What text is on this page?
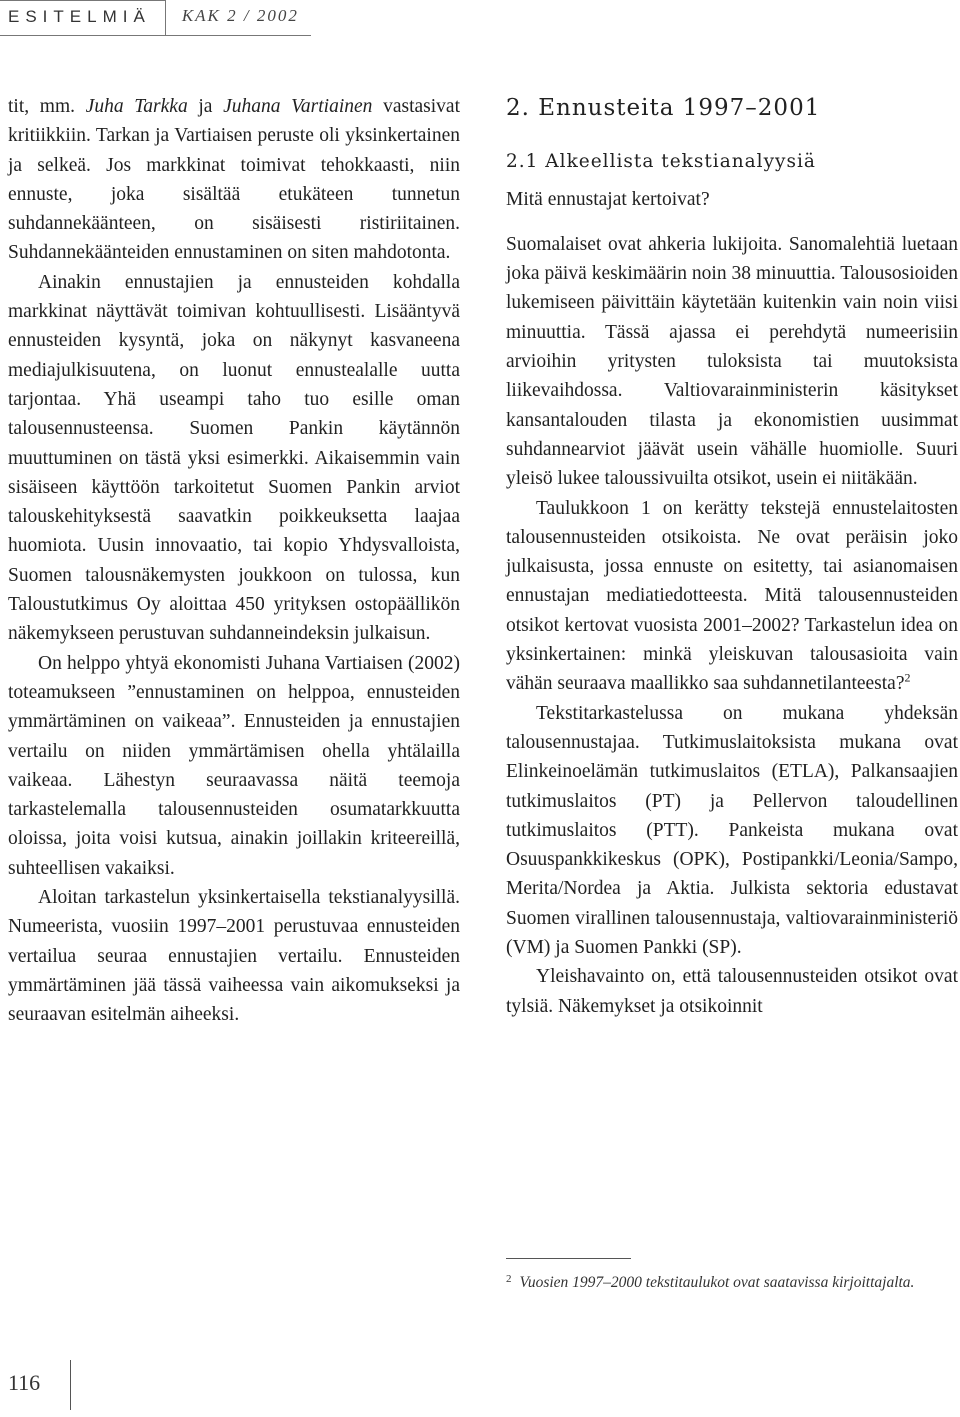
ESITELMIÄ	KAK 2 / 2002

tit, mm. Juha Tarkka ja Juhana Vartiainen vastasivat kritiikkiin. Tarkan ja Vartiaisen peruste oli yksinkertainen ja selkeä. Jos markkinat toimivat tehokkaasti, niin ennuste, joka sisältää etukäteen tunnetun suhdannekäänteen, on sisäisesti ristiriitainen. Suhdannekäänteiden ennustaminen on siten mahdotonta.

Ainakin ennustajien ja ennusteiden kohdalla markkinat näyttävät toimivan kohtuullisesti. Lisääntyvä ennusteiden kysyntä, joka on näkynyt kasvaneena mediajulkisuutena, on luonut ennustealalle uutta tarjontaa. Yhä useampi taho tuo esille oman talousennusteensa. Suomen Pankin käytännön muuttuminen on tästä yksi esimerkki. Aikaisemmin vain sisäiseen käyttöön tarkoitetut Suomen Pankin arviot talouskehityksestä saavatkin poikkeuksetta laajaa huomiota. Uusin innovaatio, tai kopio Yhdysvalloista, Suomen talousnäkemysten joukkoon on tulossa, kun Taloustutkimus Oy aloittaa 450 yrityksen ostopäällikön näkemykseen perustuvan suhdanneindeksin julkaisun.

On helppo yhtyä ekonomisti Juhana Vartiaisen (2002) toteamukseen ”ennustaminen on helppoa, ennusteiden ymmärtäminen on vaikeaa”. Ennusteiden ja ennustajien vertailu on niiden ymmärtämisen ohella yhtälailla vaikeaa. Lähestyn seuraavassa näitä teemoja tarkastelemalla talousennusteiden osumatarkkuutta oloissa, joita voisi kutsua, ainakin joillakin kriteereillä, suhteellisen vakaiksi.

Aloitan tarkastelun yksinkertaisella tekstianalyysillä. Numeerista, vuosiin 1997–2001 perustuvaa ennusteiden vertailua seuraa ennustajien vertailu. Ennusteiden ymmärtäminen jää tässä vaiheessa vain aikomukseksi ja seuraavan esitelmän aiheeksi.

2. Ennusteita 1997–2001
2.1 Alkeellista tekstianalyysiä

Mitä ennustajat kertoivat?

Suomalaiset ovat ahkeria lukijoita. Sanomalehtiä luetaan joka päivä keskimäärin noin 38 minuuttia. Talousosioiden lukemiseen päivittäin käytetään kuitenkin vain noin viisi minuuttia. Tässä ajassa ei perehdytä numeerisiin arvioihin yritysten tuloksista tai muutoksista liikevaihdossa. Valtiovarainministerin käsitykset kansantalouden tilasta ja ekonomistien uusimmat suhdannearviot jäävät usein vähälle huomiolle. Suuri yleisö lukee taloussivuilta otsikot, usein ei niitäkään.

Taulukkoon 1 on kerätty tekstejä ennustelaitosten talousennusteiden otsikoista. Ne ovat peräisin joko julkaisusta, jossa ennuste on esitetty, tai asianomaisen ennustajan mediatiedotteesta. Mitä talousennusteiden otsikot kertovat vuosista 2001–2002? Tarkastelun idea on yksinkertainen: minkä yleiskuvan talousasioita vain vähän seuraava maallikko saa suhdannetilanteesta?$^2$

Tekstitarkastelussa on mukana yhdeksän talousennustajaa. Tutkimuslaitoksista mukana ovat Elinkeinoelämän tutkimuslaitos (ETLA), Palkansaajien tutkimuslaitos (PT) ja Pellervon taloudellinen tutkimuslaitos (PTT). Pankeista mukana ovat Osuuspankkikeskus (OPK), Postipankki/Leonia/Sampo, Merita/Nordea ja Aktia. Julkista sektoria edustavat Suomen virallinen talousennustaja, valtiovarainministeriö (VM) ja Suomen Pankki (SP).

Yleishavainto on, että talousennusteiden otsikot ovat tylsiä. Näkemykset ja otsikoinnit

$^2$ Vuosien 1997–2000 tekstitaulukot ovat saatavissa kirjoittajalta.
116
